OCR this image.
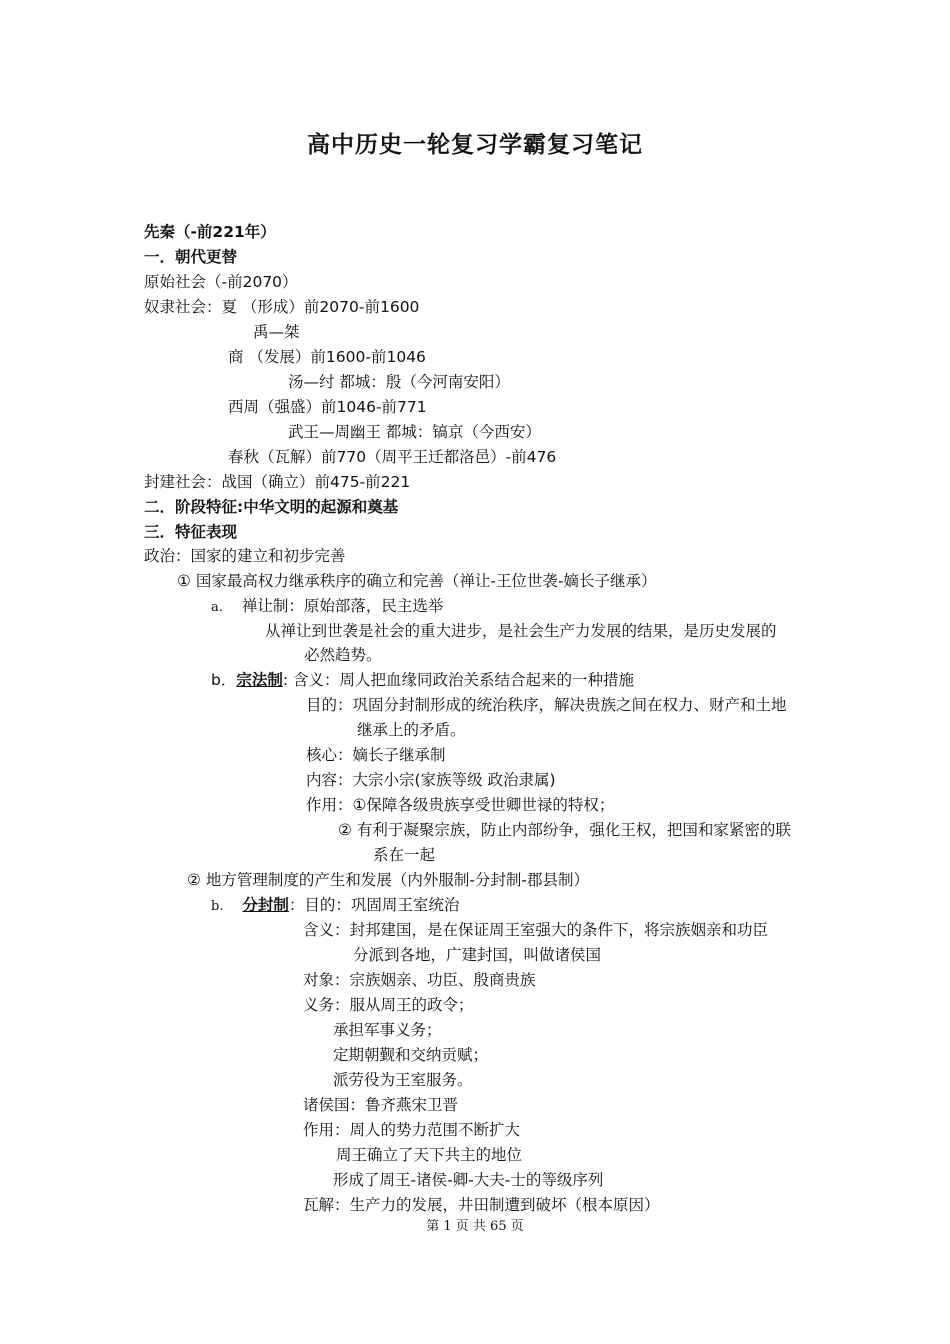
高中历史一轮复习学霸复习笔记
先秦（-前221年）
一．朝代更替
原始社会（-前2070）
奴隶社会：夏 （形成）前2070-前1600
禹—桀
商 （发展）前1600-前1046
汤—纣 都城：殷（今河南安阳）
西周（强盛）前1046-前771
武王—周幽王 都城：镐京（今西安）
春秋（瓦解）前770（周平王迁都洛邑）-前476
封建社会：战国（确立）前475-前221
二．阶段特征:中华文明的起源和奠基
三．特征表现
政治：国家的建立和初步完善
① 国家最高权力继承秩序的确立和完善（禅让-王位世袭-嫡长子继承）
a. 禅让制：原始部落，民主选举
从禅让到世袭是社会的重大进步，是社会生产力发展的结果，是历史发展的
必然趋势。
b．宗法制: 含义：周人把血缘同政治关系结合起来的一种措施
目的：巩固分封制形成的统治秩序，解决贵族之间在权力、财产和土地
继承上的矛盾。
核心：嫡长子继承制
内容：大宗小宗(家族等级 政治隶属)
作用：①保障各级贵族享受世卿世禄的特权；
② 有利于凝聚宗族，防止内部纷争，强化王权，把国和家紧密的联
系在一起
② 地方管理制度的产生和发展（内外服制-分封制-郡县制）
b. 分封制：目的：巩固周王室统治
含义：封邦建国，是在保证周王室强大的条件下，将宗族姻亲和功臣
分派到各地，广建封国，叫做诸侯国
对象：宗族姻亲、功臣、殷商贵族
义务：服从周王的政令；
承担军事义务；
定期朝觐和交纳贡赋；
派劳役为王室服务。
诸侯国：鲁齐燕宋卫晋
作用：周人的势力范围不断扩大
周王确立了天下共主的地位
形成了周王-诸侯-卿-大夫-士的等级序列
瓦解：生产力的发展，井田制遭到破坏（根本原因）
第 1 页 共 65 页
